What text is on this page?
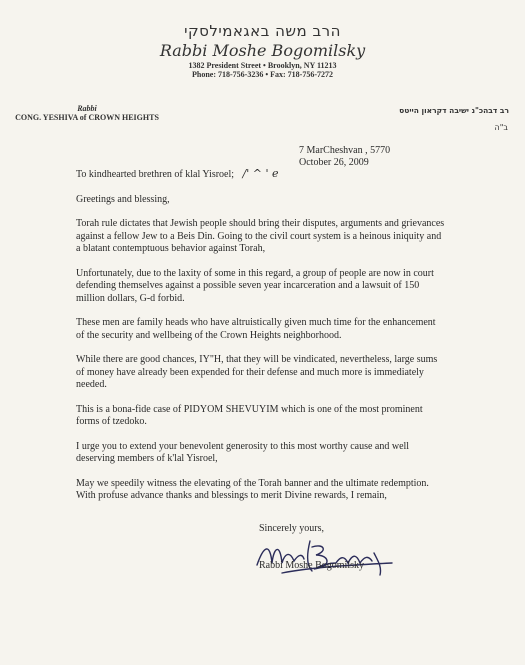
הרב משה באגאמילסקי
Rabbi Moshe Bogomilsky
1382 President Street • Brooklyn, NY 11213
Phone: 718-756-3236 • Fax: 718-756-7272
Rabbi
CONG. YESHIVA of CROWN HEIGHTS
רב דבהכ"נ ישיבה דקראון הייטס
ב"ה
7 MarCheshvan , 5770
October 26, 2009

To kindhearted brethren of klal Yisroel; /' ^ ' e

Greetings and blessing,

Torah rule dictates that Jewish people should bring their disputes, arguments and grievances against a fellow Jew to a Beis Din. Going to the civil court system is a heinous iniquity and a blatant contemptuous behavior against Torah,

Unfortunately, due to the laxity of some in this regard, a group of people are now in court defending themselves against a possible seven year incarceration and a lawsuit of 150 million dollars, G-d forbid.

These men are family heads who have altruistically given much time for the enhancement of the security and wellbeing of the Crown Heights neighborhood.

While there are good chances, IY"H, that they will be vindicated, nevertheless, large sums of money have already been expended for their defense and much more is immediately needed.

This is a bona-fide case of PIDYOM SHEVUYIM which is one of the most prominent forms of tzedoko.

I urge you to extend your benevolent generosity to this most worthy cause and well deserving members of k'lal Yisroel,

May we speedily witness the elevating of the Torah banner and the ultimate redemption. With profuse advance thanks and blessings to merit Divine rewards, I remain,

Sincerely yours,
Rabbi Moshe Bogomilsky
